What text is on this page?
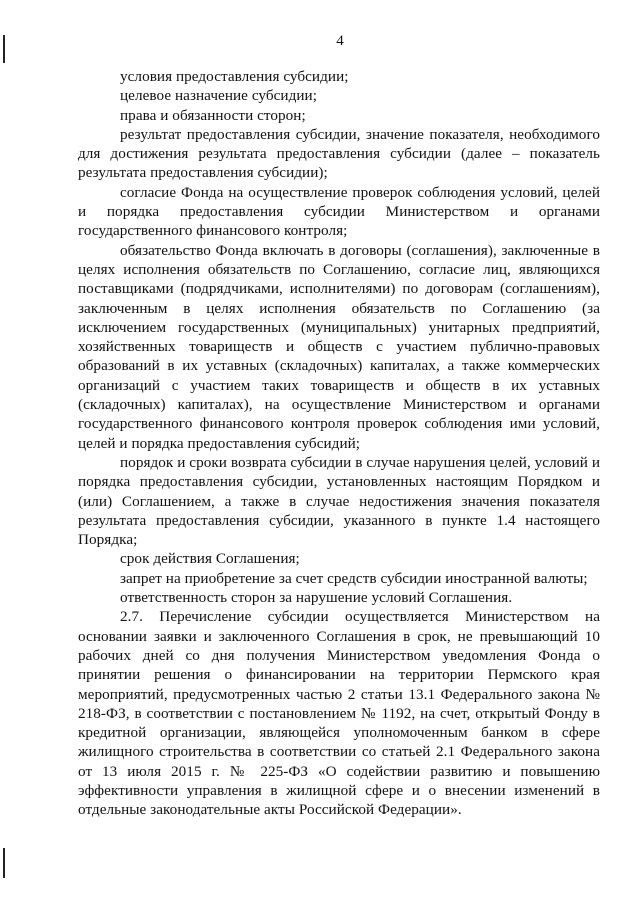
4

условия предоставления субсидии;

целевое назначение субсидии;

права и обязанности сторон;

результат предоставления субсидии, значение показателя, необходимого для достижения результата предоставления субсидии (далее – показатель результата предоставления субсидии);

согласие Фонда на осуществление проверок соблюдения условий, целей и порядка предоставления субсидии Министерством и органами государственного финансового контроля;

обязательство Фонда включать в договоры (соглашения), заключенные в целях исполнения обязательств по Соглашению, согласие лиц, являющихся поставщиками (подрядчиками, исполнителями) по договорам (соглашениям), заключенным в целях исполнения обязательств по Соглашению (за исключением государственных (муниципальных) унитарных предприятий, хозяйственных товариществ и обществ с участием публично-правовых образований в их уставных (складочных) капиталах, а также коммерческих организаций с участием таких товариществ и обществ в их уставных (складочных) капиталах), на осуществление Министерством и органами государственного финансового контроля проверок соблюдения ими условий, целей и порядка предоставления субсидий;

порядок и сроки возврата субсидии в случае нарушения целей, условий и порядка предоставления субсидии, установленных настоящим Порядком и (или) Соглашением, а также в случае недостижения значения показателя результата предоставления субсидии, указанного в пункте 1.4 настоящего Порядка;

срок действия Соглашения;

запрет на приобретение за счет средств субсидии иностранной валюты;

ответственность сторон за нарушение условий Соглашения.

2.7. Перечисление субсидии осуществляется Министерством на основании заявки и заключенного Соглашения в срок, не превышающий 10 рабочих дней со дня получения Министерством уведомления Фонда о принятии решения о финансировании на территории Пермского края мероприятий, предусмотренных частью 2 статьи 13.1 Федерального закона № 218-ФЗ, в соответствии с постановлением № 1192, на счет, открытый Фонду в кредитной организации, являющейся уполномоченным банком в сфере жилищного строительства в соответствии со статьей 2.1 Федерального закона от 13 июля 2015 г. № 225-ФЗ «О содействии развитию и повышению эффективности управления в жилищной сфере и о внесении изменений в отдельные законодательные акты Российской Федерации».
